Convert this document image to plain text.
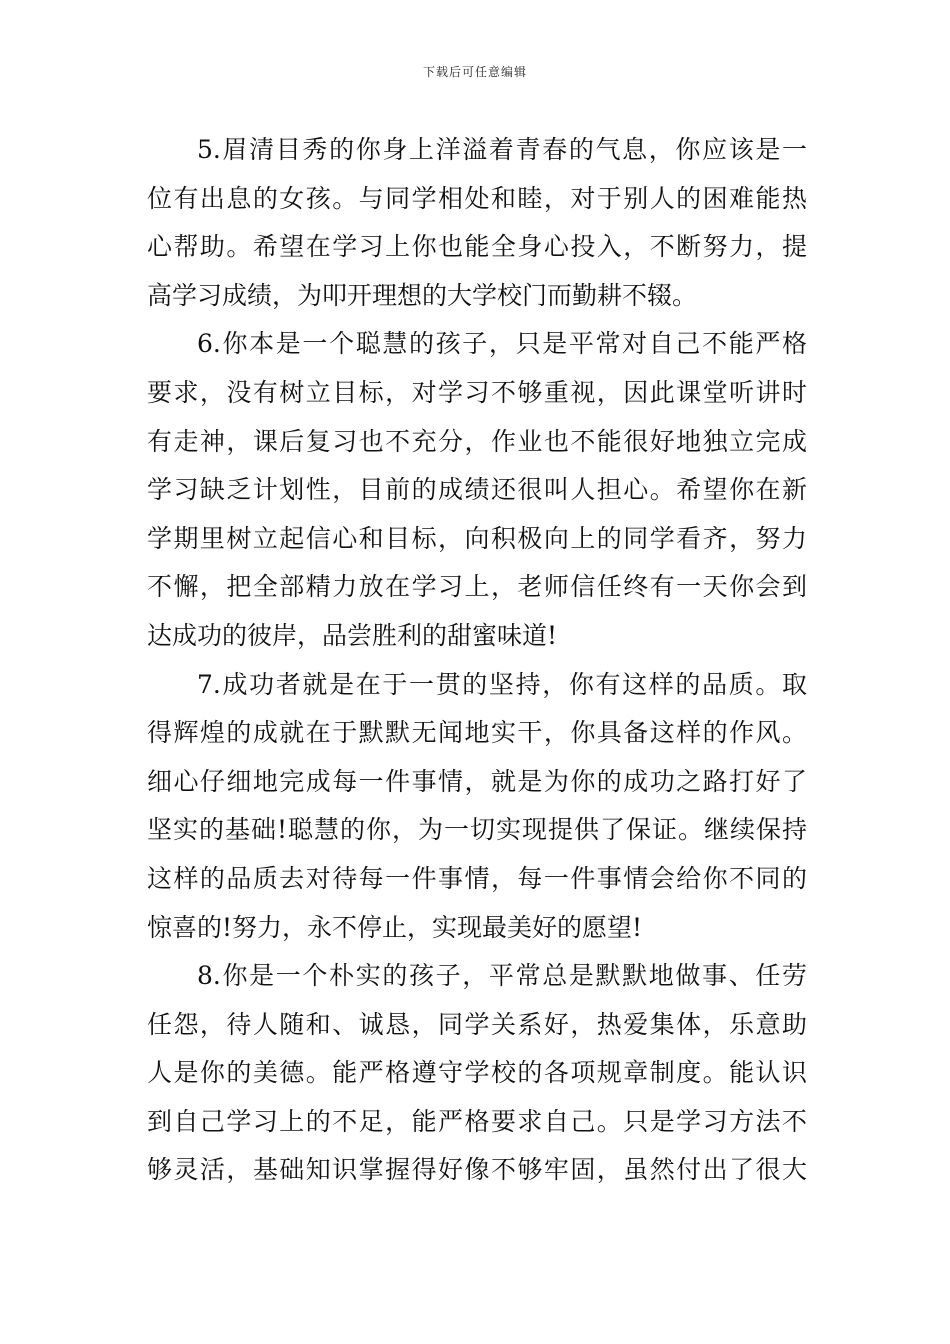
下载后可任意编辑
5.眉清目秀的你身上洋溢着青春的气息，你应该是一
位有出息的女孩。与同学相处和睦，对于别人的困难能热
心帮助。希望在学习上你也能全身心投入，不断努力，提
高学习成绩，为叩开理想的大学校门而勤耕不辍。
6.你本是一个聪慧的孩子，只是平常对自己不能严格
要求，没有树立目标，对学习不够重视，因此课堂听讲时
有走神，课后复习也不充分，作业也不能很好地独立完成
学习缺乏计划性，目前的成绩还很叫人担心。希望你在新
学期里树立起信心和目标，向积极向上的同学看齐，努力
不懈，把全部精力放在学习上，老师信任终有一天你会到
达成功的彼岸，品尝胜利的甜蜜味道!
7.成功者就是在于一贯的坚持，你有这样的品质。取
得辉煌的成就在于默默无闻地实干，你具备这样的作风。
细心仔细地完成每一件事情，就是为你的成功之路打好了
坚实的基础!聪慧的你，为一切实现提供了保证。继续保持
这样的品质去对待每一件事情，每一件事情会给你不同的
惊喜的!努力，永不停止，实现最美好的愿望!
8.你是一个朴实的孩子，平常总是默默地做事、任劳
任怨，待人随和、诚恳，同学关系好，热爱集体，乐意助
人是你的美德。能严格遵守学校的各项规章制度。能认识
到自己学习上的不足，能严格要求自己。只是学习方法不
够灵活，基础知识掌握得好像不够牢固，虽然付出了很大
